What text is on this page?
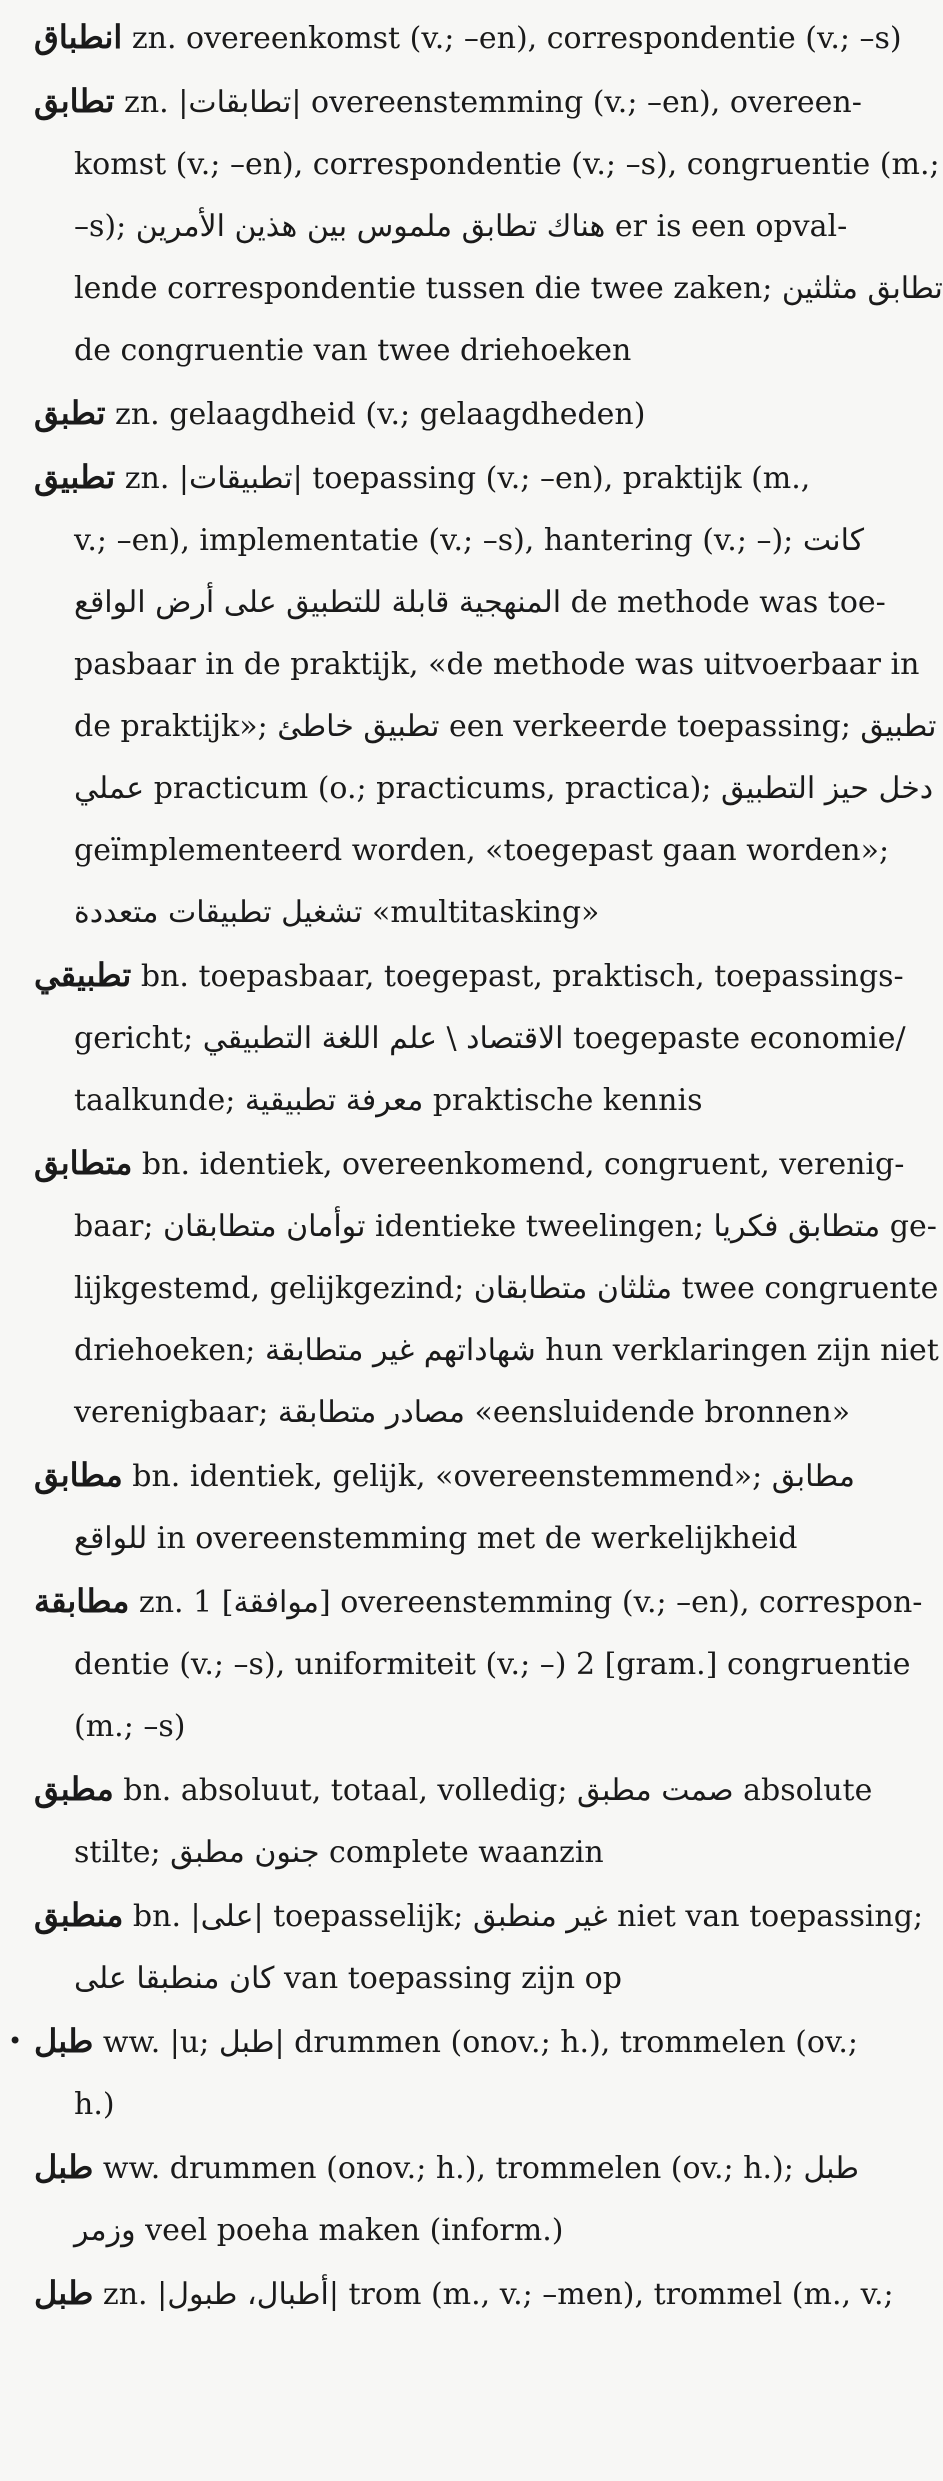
انطباق zn. overeenkomst (v.; –en), correspondentie (v.; –s)
تطابق zn. |تطابقات| overeenstemming (v.; –en), overeen-
komst (v.; –en), correspondentie (v.; –s), congruentie (m.;
–s); هناك تطابق ملموس بين هذين الأمرين er is een opval-
lende correspondentie tussen die twee zaken; تطابق مثلثين
de congruentie van twee driehoeken
تطبق zn. gelaagdheid (v.; gelaagdheden)
تطبيق zn. |تطبيقات| toepassing (v.; –en), praktijk (m.,
v.; –en), implementatie (v.; –s), hantering (v.; –); كانت
المنهجية قابلة للتطبيق على أرض الواقع de methode was toe-
pasbaar in de praktijk, «de methode was uitvoerbaar in
de praktijk»; تطبيق خاطئ een verkeerde toepassing; تطبيق
عملي practicum (o.; practicums, practica); دخل حيز التطبيق
geïmplementeerd worden, «toegepast gaan worden»;
تشغيل تطبيقات متعددة «multitasking»
تطبيقي bn. toepasbaar, toegepast, praktisch, toepassings-
gericht; الاقتصاد \ علم اللغة التطبيقي toegepaste economie/
taalkunde; معرفة تطبيقية praktische kennis
متطابق bn. identiek, overeenkomend, congruent, verenig-
baar; توأمان متطابقان identieke tweelingen; متطابق فكريا ge-
lijkgestemd, gelijkgezind; مثلثان متطابقان twee congruente
driehoeken; شهاداتهم غير متطابقة hun verklaringen zijn niet
verenigbaar; مصادر متطابقة «eensluidende bronnen»
مطابق bn. identiek, gelijk, «overeenstemmend»; مطابق
للواقع in overeenstemming met de werkelijkheid
مطابقة zn. 1 [موافقة] overeenstemming (v.; –en), correspon-
dentie (v.; –s), uniformiteit (v.; –) 2 [gram.] congruentie
(m.; –s)
مطبق bn. absoluut, totaal, volledig; صمت مطبق absolute
stilte; جنون مطبق complete waanzin
منطبق bn. |على| toepasselijk; غير منطبق niet van toepassing;
كان منطبقا على van toepassing zijn op
• طبل ww. |u; طبل| drummen (onov.; h.), trommelen (ov.;
h.)
طبل ww. drummen (onov.; h.), trommelen (ov.; h.); طبل
وزمر veel poeha maken (inform.)
طبل zn. |أطبال، طبول| trom (m., v.; –men), trommel (m., v.;
